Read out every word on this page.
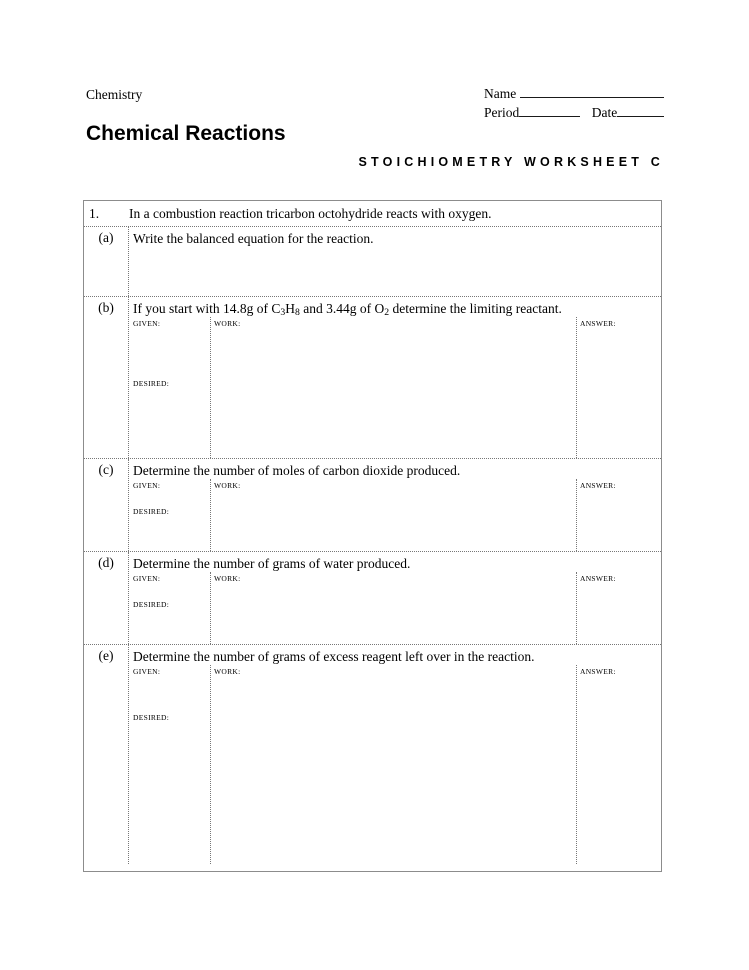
Chemistry	Name
Period	Date
Chemical Reactions
STOICHIOMETRY WORKSHEET C
1.	In a combustion reaction tricarbon octohydride reacts with oxygen.
(a)	Write the balanced equation for the reaction.
(b)	If you start with 14.8g of $C_3H_8$ and 3.44g of $O_2$ determine the limiting reactant.
GIVEN:	WORK:	ANSWER:
DESIRED:
(c)	Determine the number of moles of carbon dioxide produced.
GIVEN:	WORK:	ANSWER:
DESIRED:
(d)	Determine the number of grams of water produced.
GIVEN:	WORK:	ANSWER:
DESIRED:
(e)	Determine the number of grams of excess reagent left over in the reaction.
GIVEN:	WORK:	ANSWER:
DESIRED:
